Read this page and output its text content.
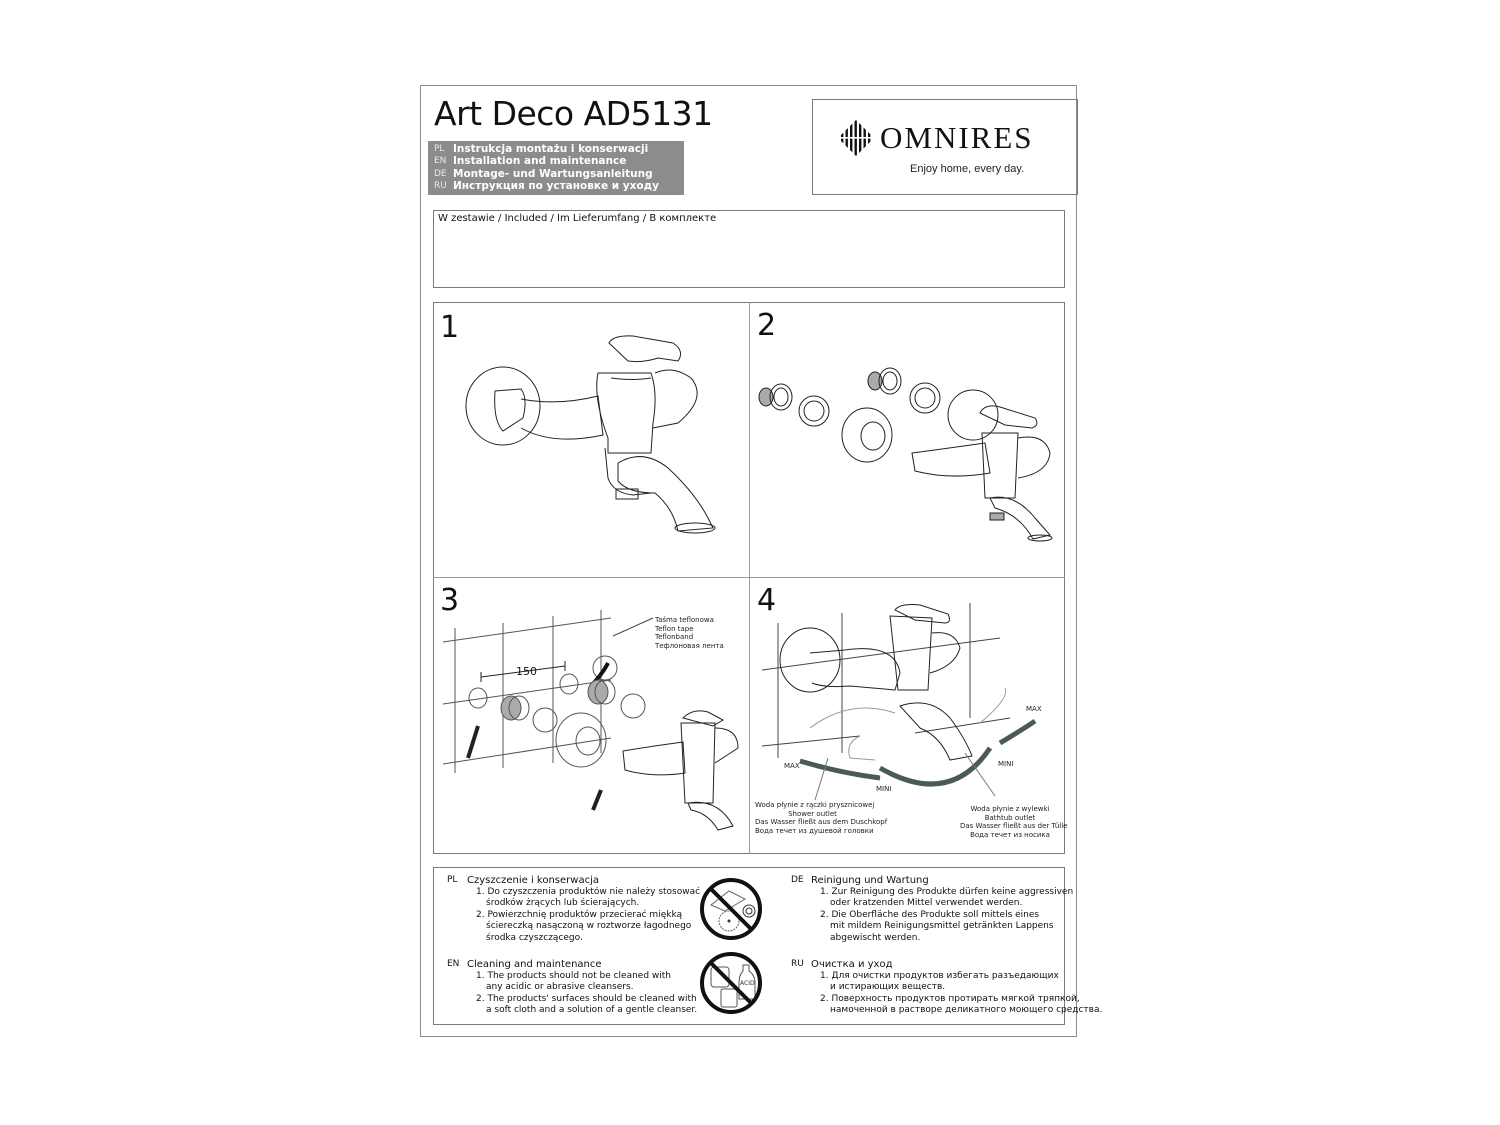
Art Deco AD5131
PL Instrukcja montażu i konserwacji
EN Installation and maintenance
DE Montage- und Wartungsanleitung
RU Инструкция по установке и уходу
OMNIRES
Enjoy home, every day.
W zestawie / Included / Im Lieferumfang / В комплекте
1	2
3
Taśma teflonowa
Teflon tape
Teflonband
Тефлоновая лента
150
4
MAX
MINI
MAX
MINI
Woda płynie z rączki prysznicowej
Shower outlet
Das Wasser fließt aus dem Duschkopf
Вода течет из душевой головки
Woda płynie z wylewki
Bathtub outlet
Das Wasser fließt aus der Tülle
Вода течет из носика
PL Czyszczenie i konserwacja
1. Do czyszczenia produktów nie należy stosować
środków żrących lub ścierających.
2. Powierzchnię produktów przecierać miękką
ściereczką nasączoną w roztworze łagodnego
środka czyszczącego.
EN Cleaning and maintenance
1. The products should not be cleaned with
any acidic or abrasive cleansers.
2. The products' surfaces should be cleaned with
a soft cloth and a solution of a gentle cleanser.
DE Reinigung und Wartung
1. Zur Reinigung des Produkte dürfen keine aggressiven
oder kratzenden Mittel verwendet werden.
2. Die Oberfläche des Produkte soll mittels eines
mit mildem Reinigungsmittel getränkten Lappens
abgewischt werden.
RU Очистка и уход
1. Для очистки продуктов избегать разъедающих
и истирающих веществ.
2. Поверхность продуктов протирать мягкой тряпкой,
намоченной в растворе деликатного моющего средства.
ACID
